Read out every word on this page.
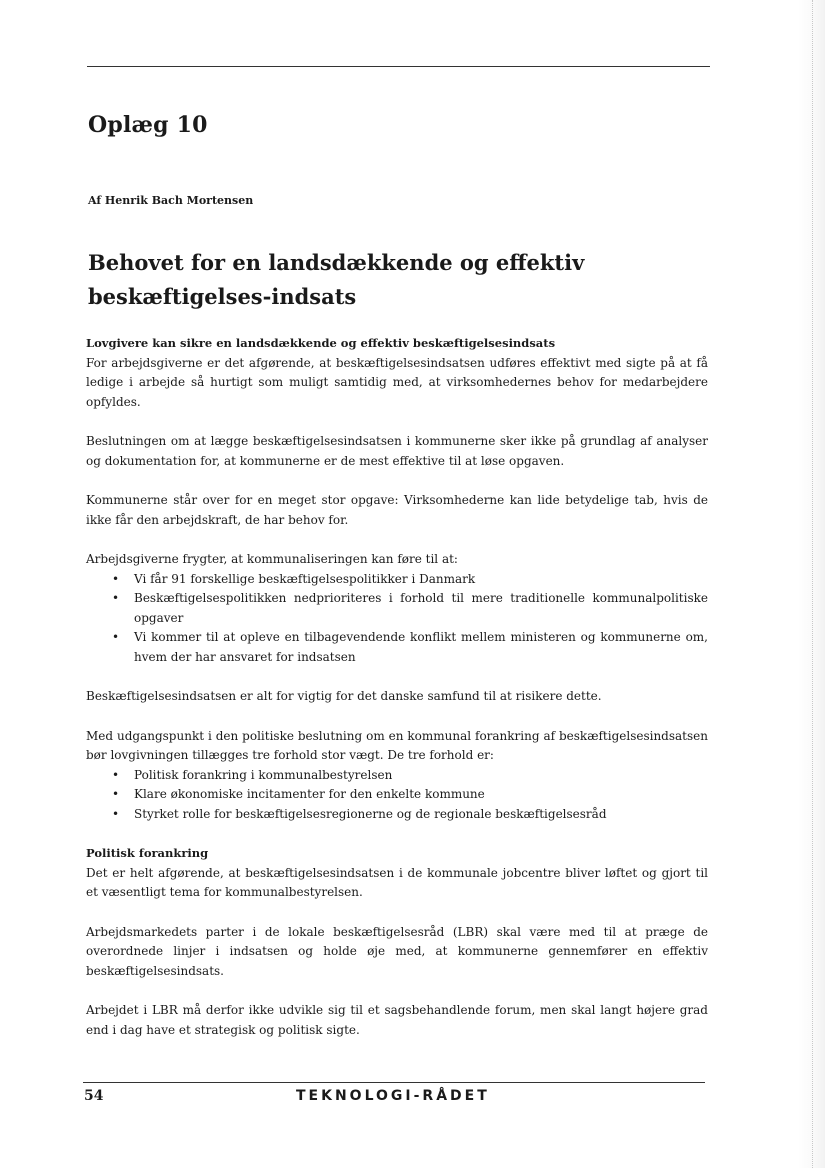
Oplæg 10

Af Henrik Bach Mortensen

Behovet for en landsdækkende og effektiv beskæftigelses-indsats

Lovgivere kan sikre en landsdækkende og effektiv beskæftigelsesindsats

For arbejdsgiverne er det afgørende, at beskæftigelsesindsatsen udføres effektivt med sigte på at få ledige i arbejde så hurtigt som muligt samtidig med, at virksomhedernes behov for medarbejdere opfyldes.

Beslutningen om at lægge beskæftigelsesindsatsen i kommunerne sker ikke på grundlag af analyser og dokumentation for, at kommunerne er de mest effektive til at løse opgaven.

Kommunerne står over for en meget stor opgave: Virksomhederne kan lide betydelige tab, hvis de ikke får den arbejdskraft, de har behov for.

Arbejdsgiverne frygter, at kommunaliseringen kan føre til at:

• Vi får 91 forskellige beskæftigelsespolitikker i Danmark
• Beskæftigelsespolitikken nedprioriteres i forhold til mere traditionelle kommunalpolitiske opgaver
• Vi kommer til at opleve en tilbagevendende konflikt mellem ministeren og kommunerne om, hvem der har ansvaret for indsatsen

Beskæftigelsesindsatsen er alt for vigtig for det danske samfund til at risikere dette.

Med udgangspunkt i den politiske beslutning om en kommunal forankring af beskæftigelsesindsatsen bør lovgivningen tillægges tre forhold stor vægt. De tre forhold er:

• Politisk forankring i kommunalbestyrelsen
• Klare økonomiske incitamenter for den enkelte kommune
• Styrket rolle for beskæftigelsesregionerne og de regionale beskæftigelsesråd

Politisk forankring

Det er helt afgørende, at beskæftigelsesindsatsen i de kommunale jobcentre bliver løftet og gjort til et væsentligt tema for kommunalbestyrelsen.

Arbejdsmarkedets parter i de lokale beskæftigelsesråd (LBR) skal være med til at præge de overordnede linjer i indsatsen og holde øje med, at kommunerne gennemfører en effektiv beskæftigelsesindsats.

Arbejdet i LBR må derfor ikke udvikle sig til et sagsbehandlende forum, men skal langt højere grad end i dag have et strategisk og politisk sigte.

54	TEKNOLOGI-RÅDET
